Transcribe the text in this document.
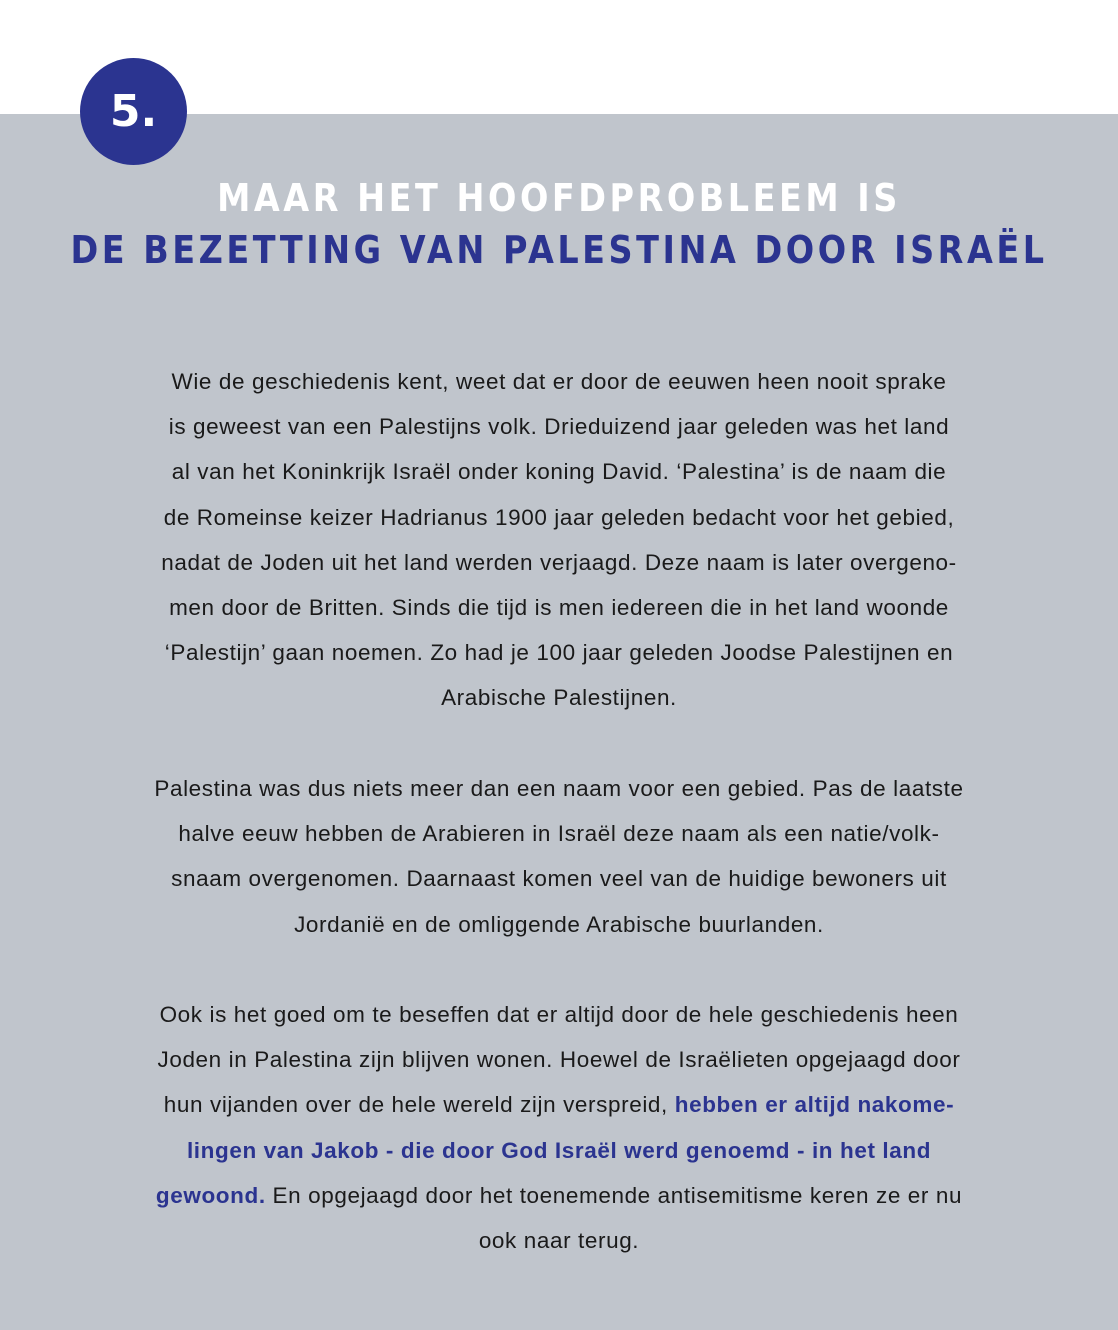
5.
MAAR HET HOOFDPROBLEEM IS
DE BEZETTING VAN PALESTINA DOOR ISRAËL
Wie de geschiedenis kent, weet dat er door de eeuwen heen nooit sprake
is geweest van een Palestijns volk. Drieduizend jaar geleden was het land
al van het Koninkrijk Israël onder koning David. ‘Palestina’ is de naam die
de Romeinse keizer Hadrianus 1900 jaar geleden bedacht voor het gebied,
nadat de Joden uit het land werden verjaagd. Deze naam is later overgeno-
men door de Britten. Sinds die tijd is men iedereen die in het land woonde
‘Palestijn’ gaan noemen. Zo had je 100 jaar geleden Joodse Palestijnen en
Arabische Palestijnen.
Palestina was dus niets meer dan een naam voor een gebied. Pas de laatste
halve eeuw hebben de Arabieren in Israël deze naam als een natie/volk-
snaam overgenomen. Daarnaast komen veel van de huidige bewoners uit
Jordanië en de omliggende Arabische buurlanden.
Ook is het goed om te beseffen dat er altijd door de hele geschiedenis heen
Joden in Palestina zijn blijven wonen. Hoewel de Israëlieten opgejaagd door
hun vijanden over de hele wereld zijn verspreid, hebben er altijd nakome-
lingen van Jakob - die door God Israël werd genoemd - in het land
gewoond. En opgejaagd door het toenemende antisemitisme keren ze er nu
ook naar terug.
